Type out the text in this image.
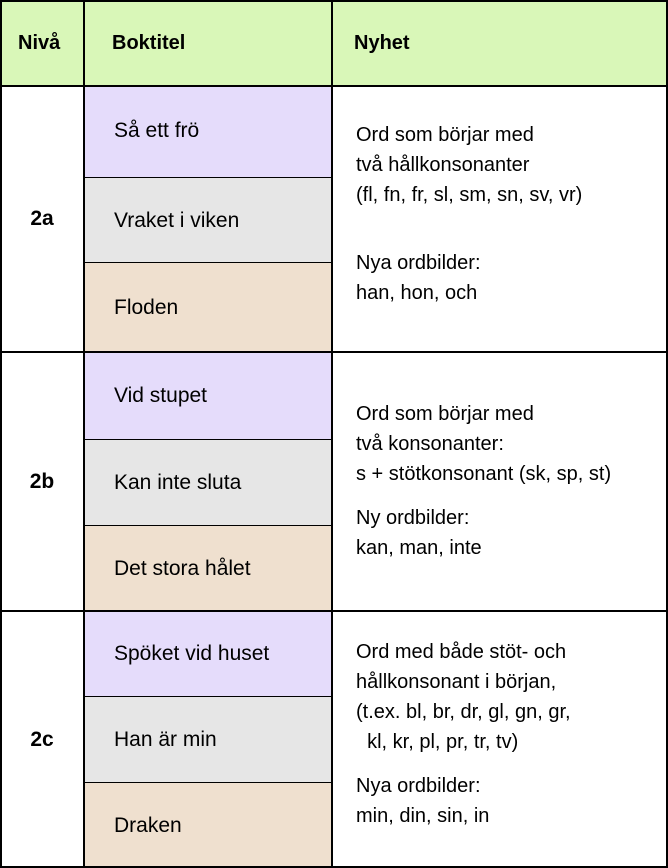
Nivå	Boktitel	Nyhet
2a
Så ett frö
Vraket i viken
Floden

Ord som börjar med

två hållkonsonanter

(fl, fn, fr, sl, sm, sn, sv, vr)

Nya ordbilder:

han, hon, och

2b
Vid stupet
Kan inte sluta
Det stora hålet

Ord som börjar med

två konsonanter:

s + stötkonsonant (sk, sp, st)

Ny ordbilder:

kan, man, inte

2c
Spöket vid huset
Han är min
Draken

Ord med både stöt- och

hållkonsonant i början,

(t.ex. bl, br, dr, gl, gn, gr,

kl, kr, pl, pr, tr, tv)

Nya ordbilder:

min, din, sin, in
